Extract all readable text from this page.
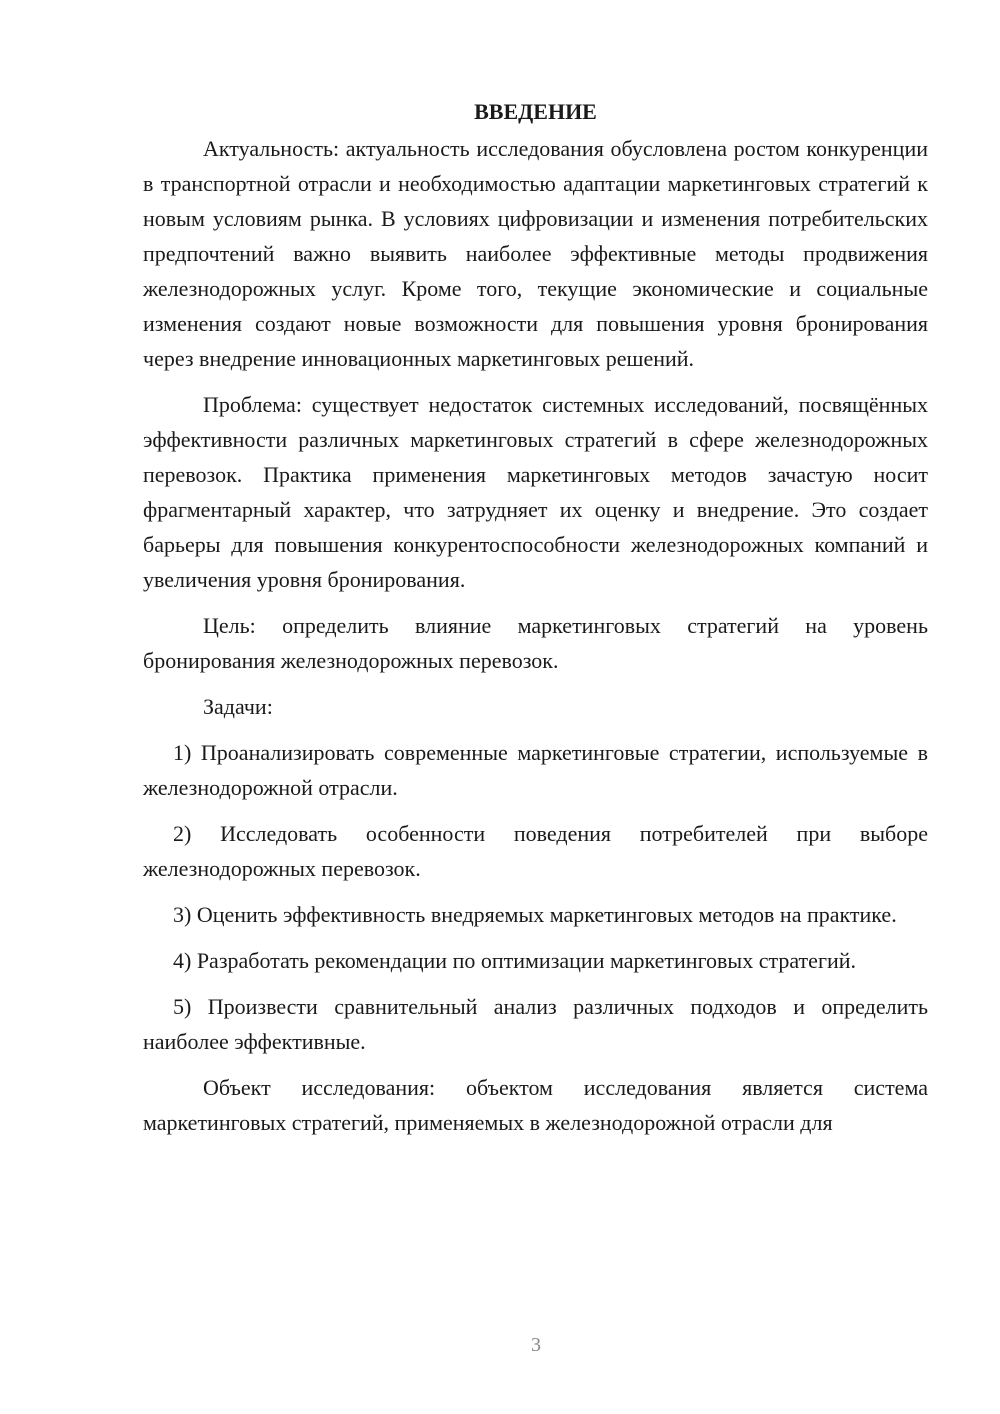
ВВЕДЕНИЕ

Актуальность: актуальность исследования обусловлена ростом конкуренции в транспортной отрасли и необходимостью адаптации маркетинговых стратегий к новым условиям рынка. В условиях цифровизации и изменения потребительских предпочтений важно выявить наиболее эффективные методы продвижения железнодорожных услуг. Кроме того, текущие экономические и социальные изменения создают новые возможности для повышения уровня бронирования через внедрение инновационных маркетинговых решений.

Проблема: существует недостаток системных исследований, посвящённых эффективности различных маркетинговых стратегий в сфере железнодорожных перевозок. Практика применения маркетинговых методов зачастую носит фрагментарный характер, что затрудняет их оценку и внедрение. Это создает барьеры для повышения конкурентоспособности железнодорожных компаний и увеличения уровня бронирования.

Цель: определить влияние маркетинговых стратегий на уровень бронирования железнодорожных перевозок.

Задачи:

1) Проанализировать современные маркетинговые стратегии, используемые в железнодорожной отрасли.

2) Исследовать особенности поведения потребителей при выборе железнодорожных перевозок.

3) Оценить эффективность внедряемых маркетинговых методов на практике.

4) Разработать рекомендации по оптимизации маркетинговых стратегий.

5) Произвести сравнительный анализ различных подходов и определить наиболее эффективные.

Объект исследования: объектом исследования является система маркетинговых стратегий, применяемых в железнодорожной отрасли для

3
